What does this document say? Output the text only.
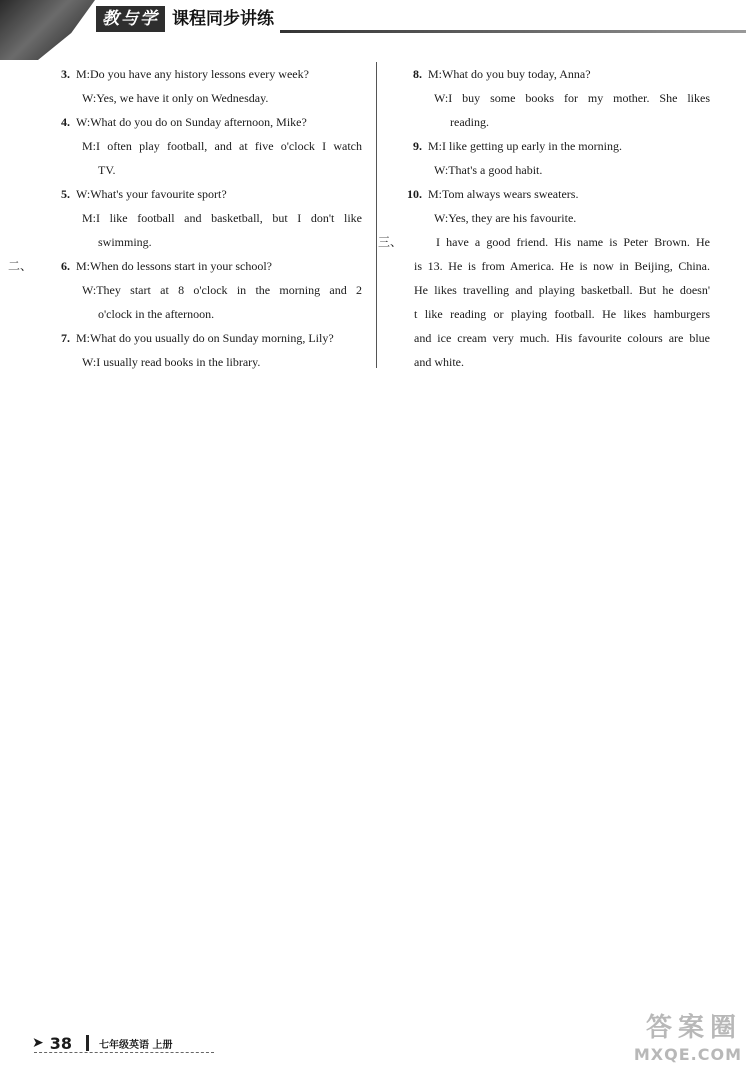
教与学 课程同步讲练
3. M:Do you have any history lessons every week?
W:Yes, we have it only on Wednesday.
4. W:What do you do on Sunday afternoon, Mike?
M:I often play football, and at five o'clock I watch
TV.
5. W:What's your favourite sport?
M:I like football and basketball, but I don't like
swimming.
二、	6. M:When do lessons start in your school?
W:They start at 8 o'clock in the morning and 2
o'clock in the afternoon.
7. M:What do you usually do on Sunday morning, Lily?
W:I usually read books in the library.
8. M:What do you buy today, Anna?
W:I buy some books for my mother. She likes
reading.
9. M:I like getting up early in the morning.
W:That's a good habit.
10. M:Tom always wears sweaters.
W:Yes, they are his favourite.
三、	I have a good friend. His name is Peter Brown. He
is 13. He is from America. He is now in Beijing, China.
He likes travelling and playing basketball. But he doesn'
t like reading or playing football. He likes hamburgers
and ice cream very much. His favourite colours are blue
and white.
➤ 38	七年级英语 上册
答案圈
MXQE.COM
